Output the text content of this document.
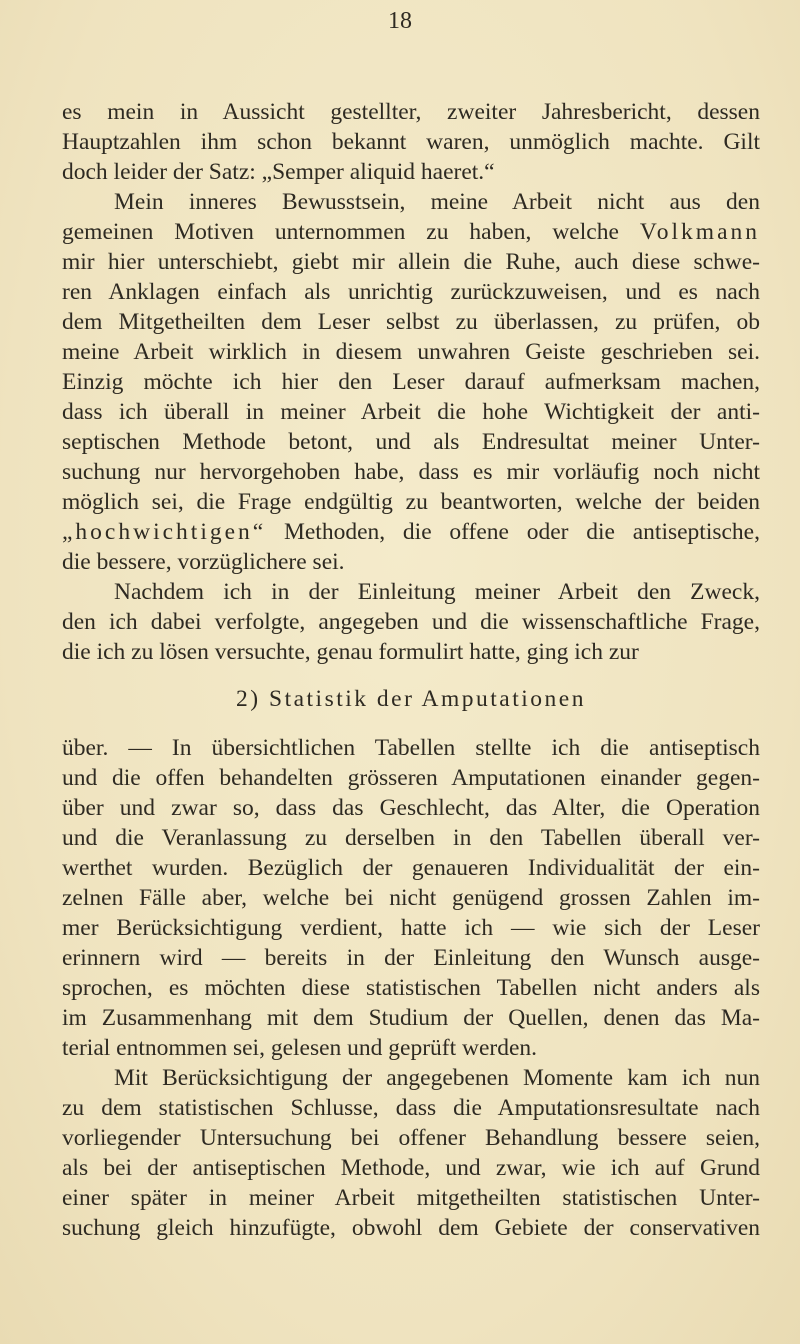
18
es mein in Aussicht gestellter, zweiter Jahresbericht, dessen
Hauptzahlen ihm schon bekannt waren, unmöglich machte. Gilt
doch leider der Satz: „Semper aliquid haeret.“
Mein inneres Bewusstsein, meine Arbeit nicht aus den
gemeinen Motiven unternommen zu haben, welche Volkmann
mir hier unterschiebt, giebt mir allein die Ruhe, auch diese schwe-
ren Anklagen einfach als unrichtig zurückzuweisen, und es nach
dem Mitgetheilten dem Leser selbst zu überlassen, zu prüfen, ob
meine Arbeit wirklich in diesem unwahren Geiste geschrieben sei.
Einzig möchte ich hier den Leser darauf aufmerksam machen,
dass ich überall in meiner Arbeit die hohe Wichtigkeit der anti-
septischen Methode betont, und als Endresultat meiner Unter-
suchung nur hervorgehoben habe, dass es mir vorläufig noch nicht
möglich sei, die Frage endgültig zu beantworten, welche der beiden
„hochwichtigen“ Methoden, die offene oder die antiseptische,
die bessere, vorzüglichere sei.
Nachdem ich in der Einleitung meiner Arbeit den Zweck,
den ich dabei verfolgte, angegeben und die wissenschaftliche Frage,
die ich zu lösen versuchte, genau formulirt hatte, ging ich zur
2) Statistik der Amputationen
über. — In übersichtlichen Tabellen stellte ich die antiseptisch
und die offen behandelten grösseren Amputationen einander gegen-
über und zwar so, dass das Geschlecht, das Alter, die Operation
und die Veranlassung zu derselben in den Tabellen überall ver-
werthet wurden. Bezüglich der genaueren Individualität der ein-
zelnen Fälle aber, welche bei nicht genügend grossen Zahlen im-
mer Berücksichtigung verdient, hatte ich — wie sich der Leser
erinnern wird — bereits in der Einleitung den Wunsch ausge-
sprochen, es möchten diese statistischen Tabellen nicht anders als
im Zusammenhang mit dem Studium der Quellen, denen das Ma-
terial entnommen sei, gelesen und geprüft werden.
Mit Berücksichtigung der angegebenen Momente kam ich nun
zu dem statistischen Schlusse, dass die Amputationsresultate nach
vorliegender Untersuchung bei offener Behandlung bessere seien,
als bei der antiseptischen Methode, und zwar, wie ich auf Grund
einer später in meiner Arbeit mitgetheilten statistischen Unter-
suchung gleich hinzufügte, obwohl dem Gebiete der conservativen
